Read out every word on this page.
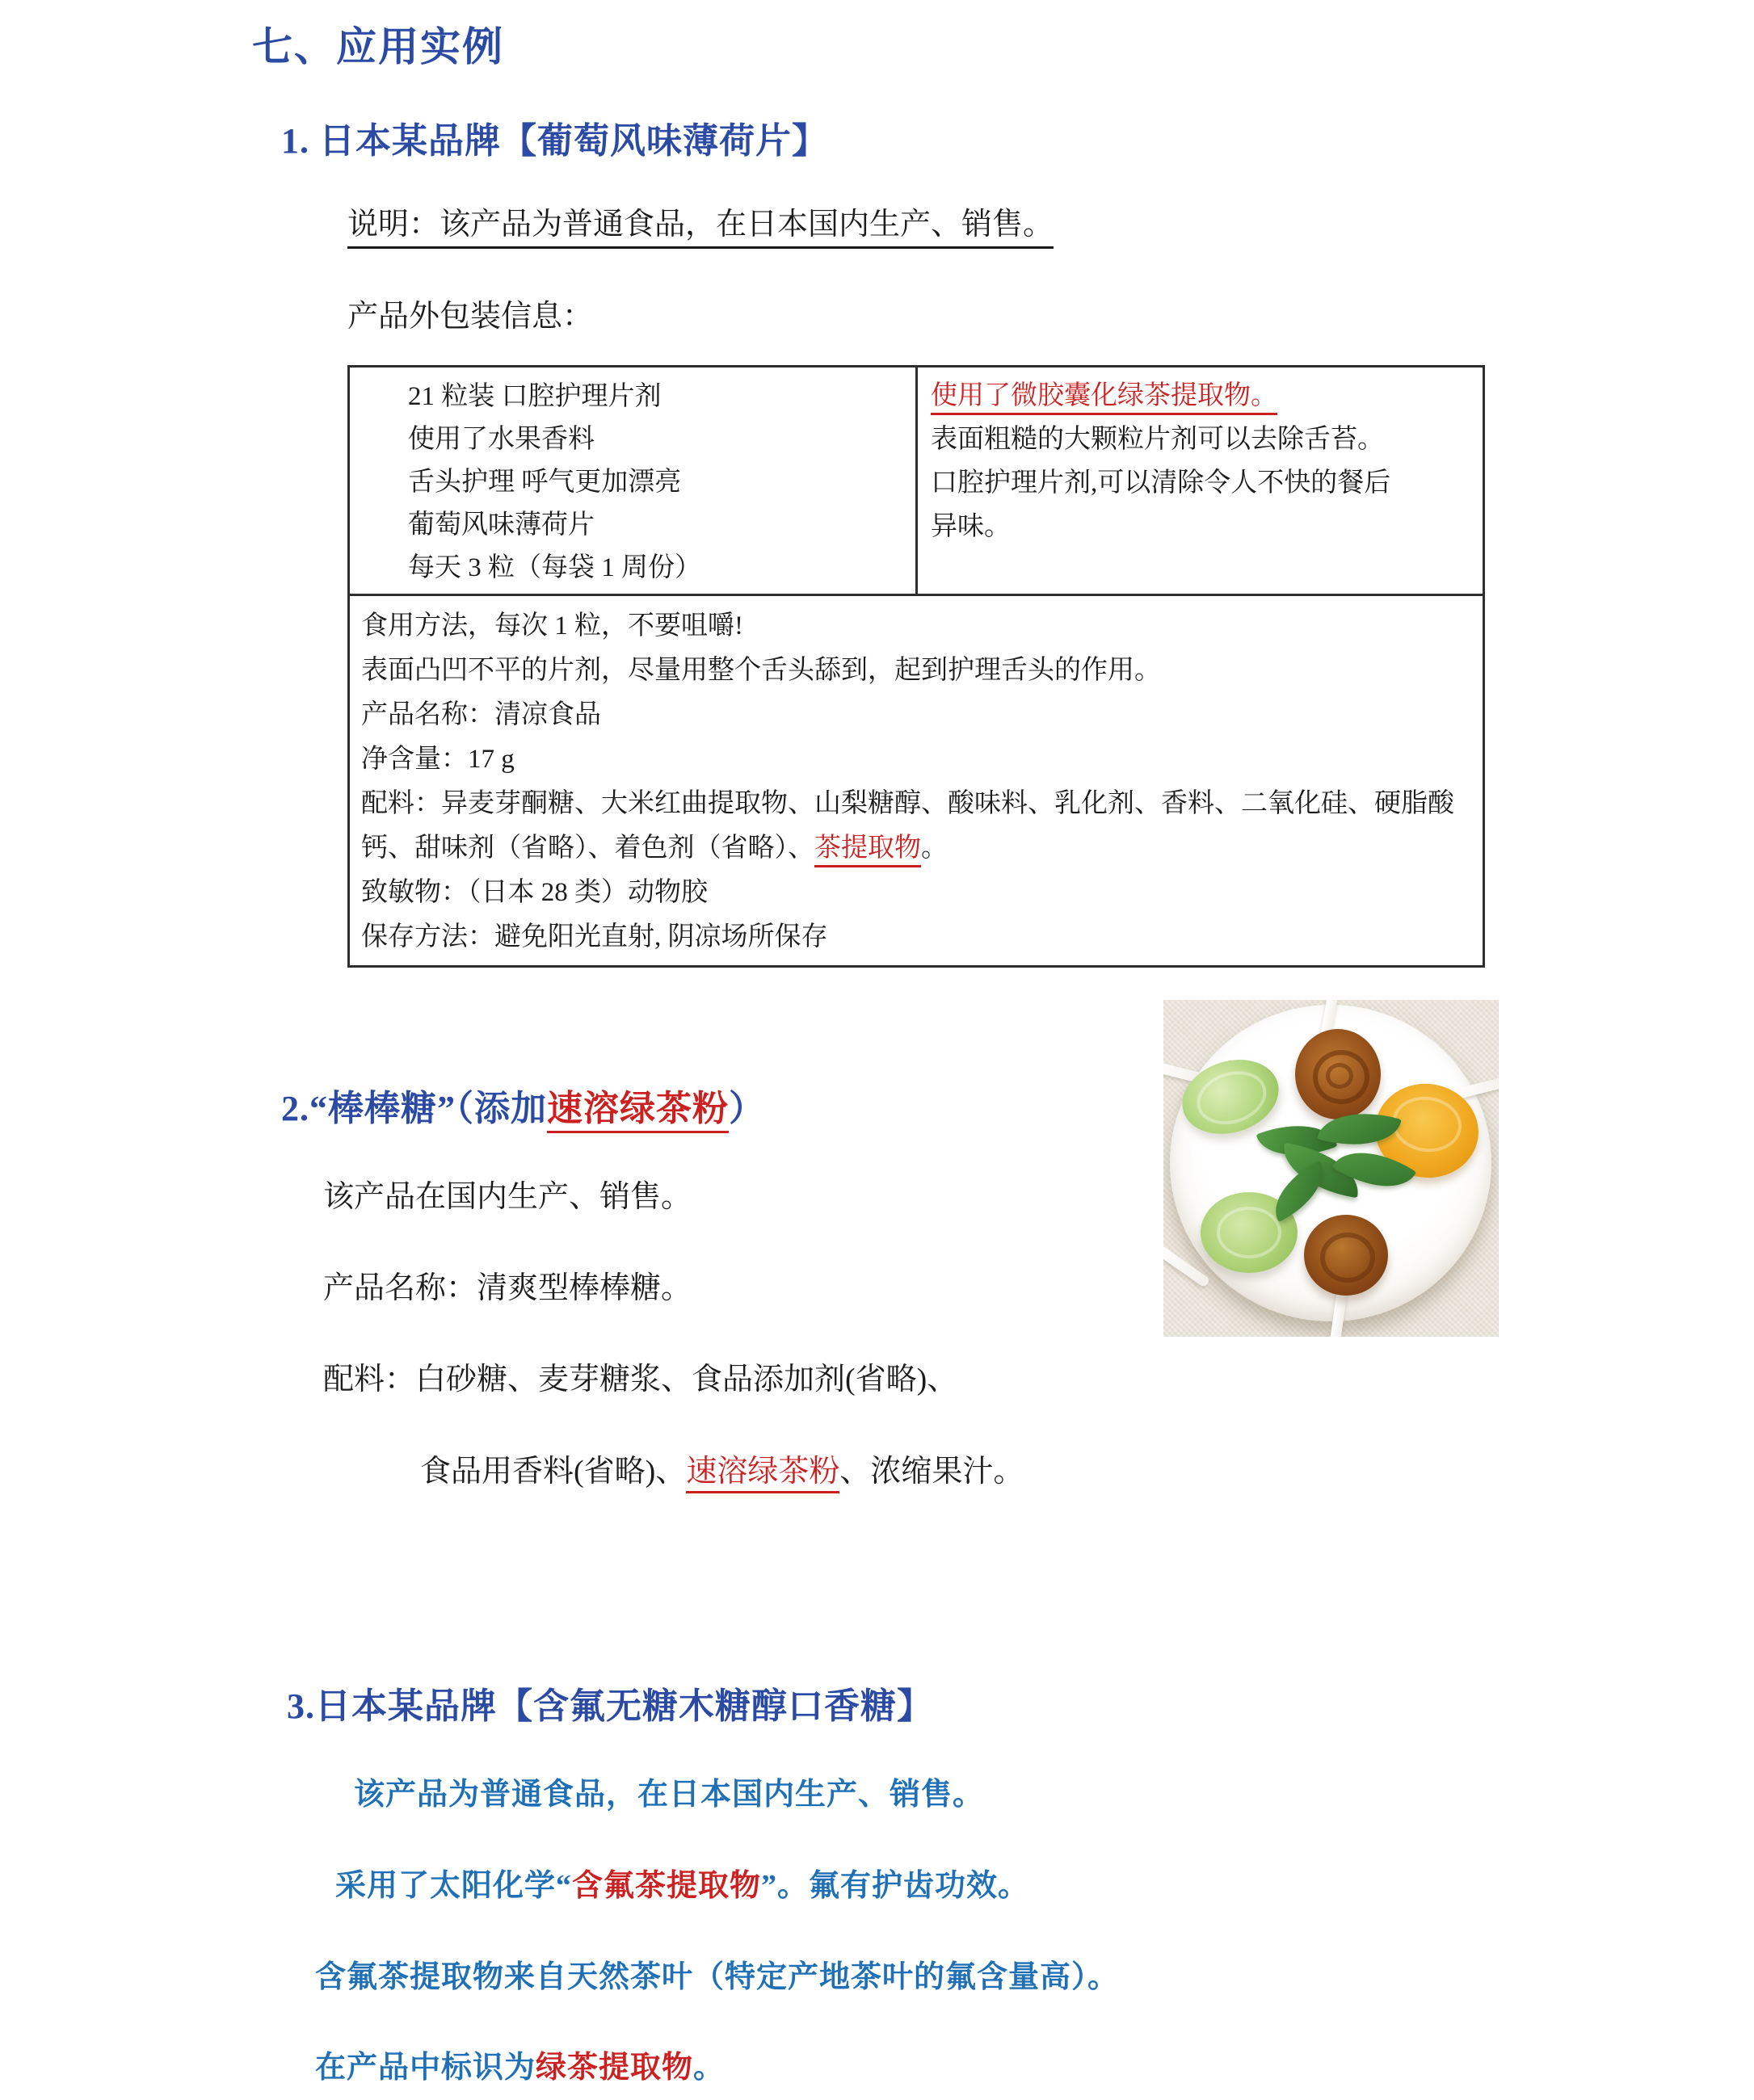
七、应用实例
1. 日本某品牌【葡萄风味薄荷片】
说明：该产品为普通食品，在日本国内生产、销售。
产品外包装信息：
21 粒装 口腔护理片剂
使用了水果香料
舌头护理 呼气更加漂亮
葡萄风味薄荷片
每天 3 粒（每袋 1 周份）
使用了微胶囊化绿茶提取物。
表面粗糙的大颗粒片剂可以去除舌苔。
口腔护理片剂,可以清除令人不快的餐后
异味。
食用方法，每次 1 粒，不要咀嚼!
表面凸凹不平的片剂，尽量用整个舌头舔到，起到护理舌头的作用。
产品名称：清凉食品
净含量：17 g
配料：异麦芽酮糖、大米红曲提取物、山梨糖醇、酸味料、乳化剂、香料、二氧化硅、硬脂酸钙、甜味剂（省略）、着色剂（省略）、茶提取物。
致敏物：（日本 28 类）动物胶
保存方法：避免阳光直射, 阴凉场所保存
2.“棒棒糖”（添加速溶绿茶粉）
该产品在国内生产、销售。
产品名称：清爽型棒棒糖。
配料：白砂糖、麦芽糖浆、食品添加剂(省略)、
食品用香料(省略)、速溶绿茶粉、浓缩果汁。
3.日本某品牌【含氟无糖木糖醇口香糖】
该产品为普通食品，在日本国内生产、销售。
采用了太阳化学“含氟茶提取物”。氟有护齿功效。
含氟茶提取物来自天然茶叶（特定产地茶叶的氟含量高）。
在产品中标识为绿茶提取物。
